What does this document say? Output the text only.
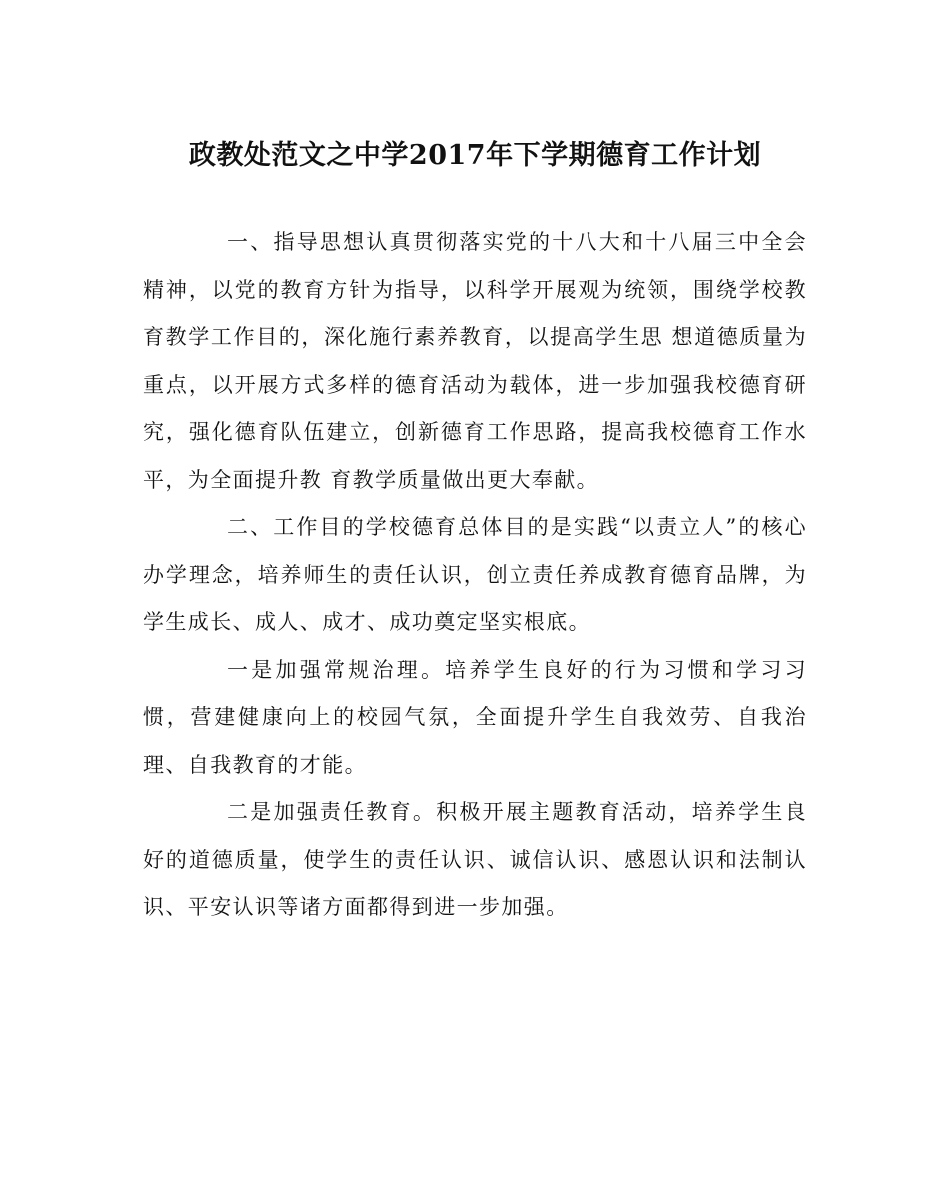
政教处范文之中学2017年下学期德育工作计划

一、指导思想认真贯彻落实党的十八大和十八届三中全会精神，以党的教育方针为指导，以科学开展观为统领，围绕学校教育教学工作目的，深化施行素养教育，以提高学生思 想道德质量为重点，以开展方式多样的德育活动为载体，进一步加强我校德育研究，强化德育队伍建立，创新德育工作思路，提高我校德育工作水平，为全面提升教 育教学质量做出更大奉献。

二、工作目的学校德育总体目的是实践“以责立人”的核心办学理念，培养师生的责任认识，创立责任养成教育德育品牌，为学生成长、成人、成才、成功奠定坚实根底。

一是加强常规治理。培养学生良好的行为习惯和学习习惯，营建健康向上的校园气氛，全面提升学生自我效劳、自我治理、自我教育的才能。

二是加强责任教育。积极开展主题教育活动，培养学生良好的道德质量，使学生的责任认识、诚信认识、感恩认识和法制认识、平安认识等诸方面都得到进一步加强。
